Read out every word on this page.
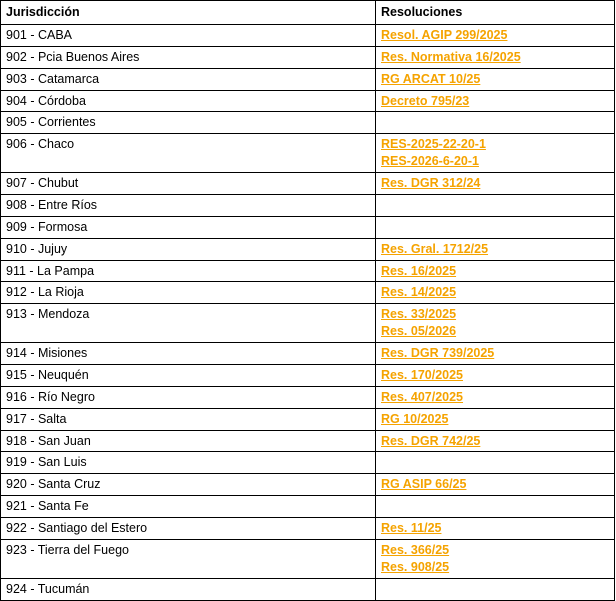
Jurisdicción	Resoluciones
901 - CABA	Resol. AGIP 299/2025

902 - Pcia Buenos Aires	Res. Normativa 16/2025

903 - Catamarca	RG ARCAT 10/25

904 - Córdoba	Decreto 795/23

905 - Corrientes	
906 - Chaco	RES-2025-22-20-1
RES-2026-6-20-1

907 - Chubut	Res. DGR 312/24

908 - Entre Ríos	
909 - Formosa	
910 - Jujuy	Res. Gral. 1712/25

911 - La Pampa	Res. 16/2025

912 - La Rioja	Res. 14/2025

913 - Mendoza	Res. 33/2025
Res. 05/2026

914 - Misiones	Res. DGR 739/2025

915 - Neuquén	Res. 170/2025

916 - Río Negro	Res. 407/2025

917 - Salta	RG 10/2025

918 - San Juan	Res. DGR 742/25

919 - San Luis	
920 - Santa Cruz	RG ASIP 66/25

921 - Santa Fe	
922 - Santiago del Estero	Res. 11/25

923 - Tierra del Fuego	Res. 366/25
Res. 908/25

924 - Tucumán	
